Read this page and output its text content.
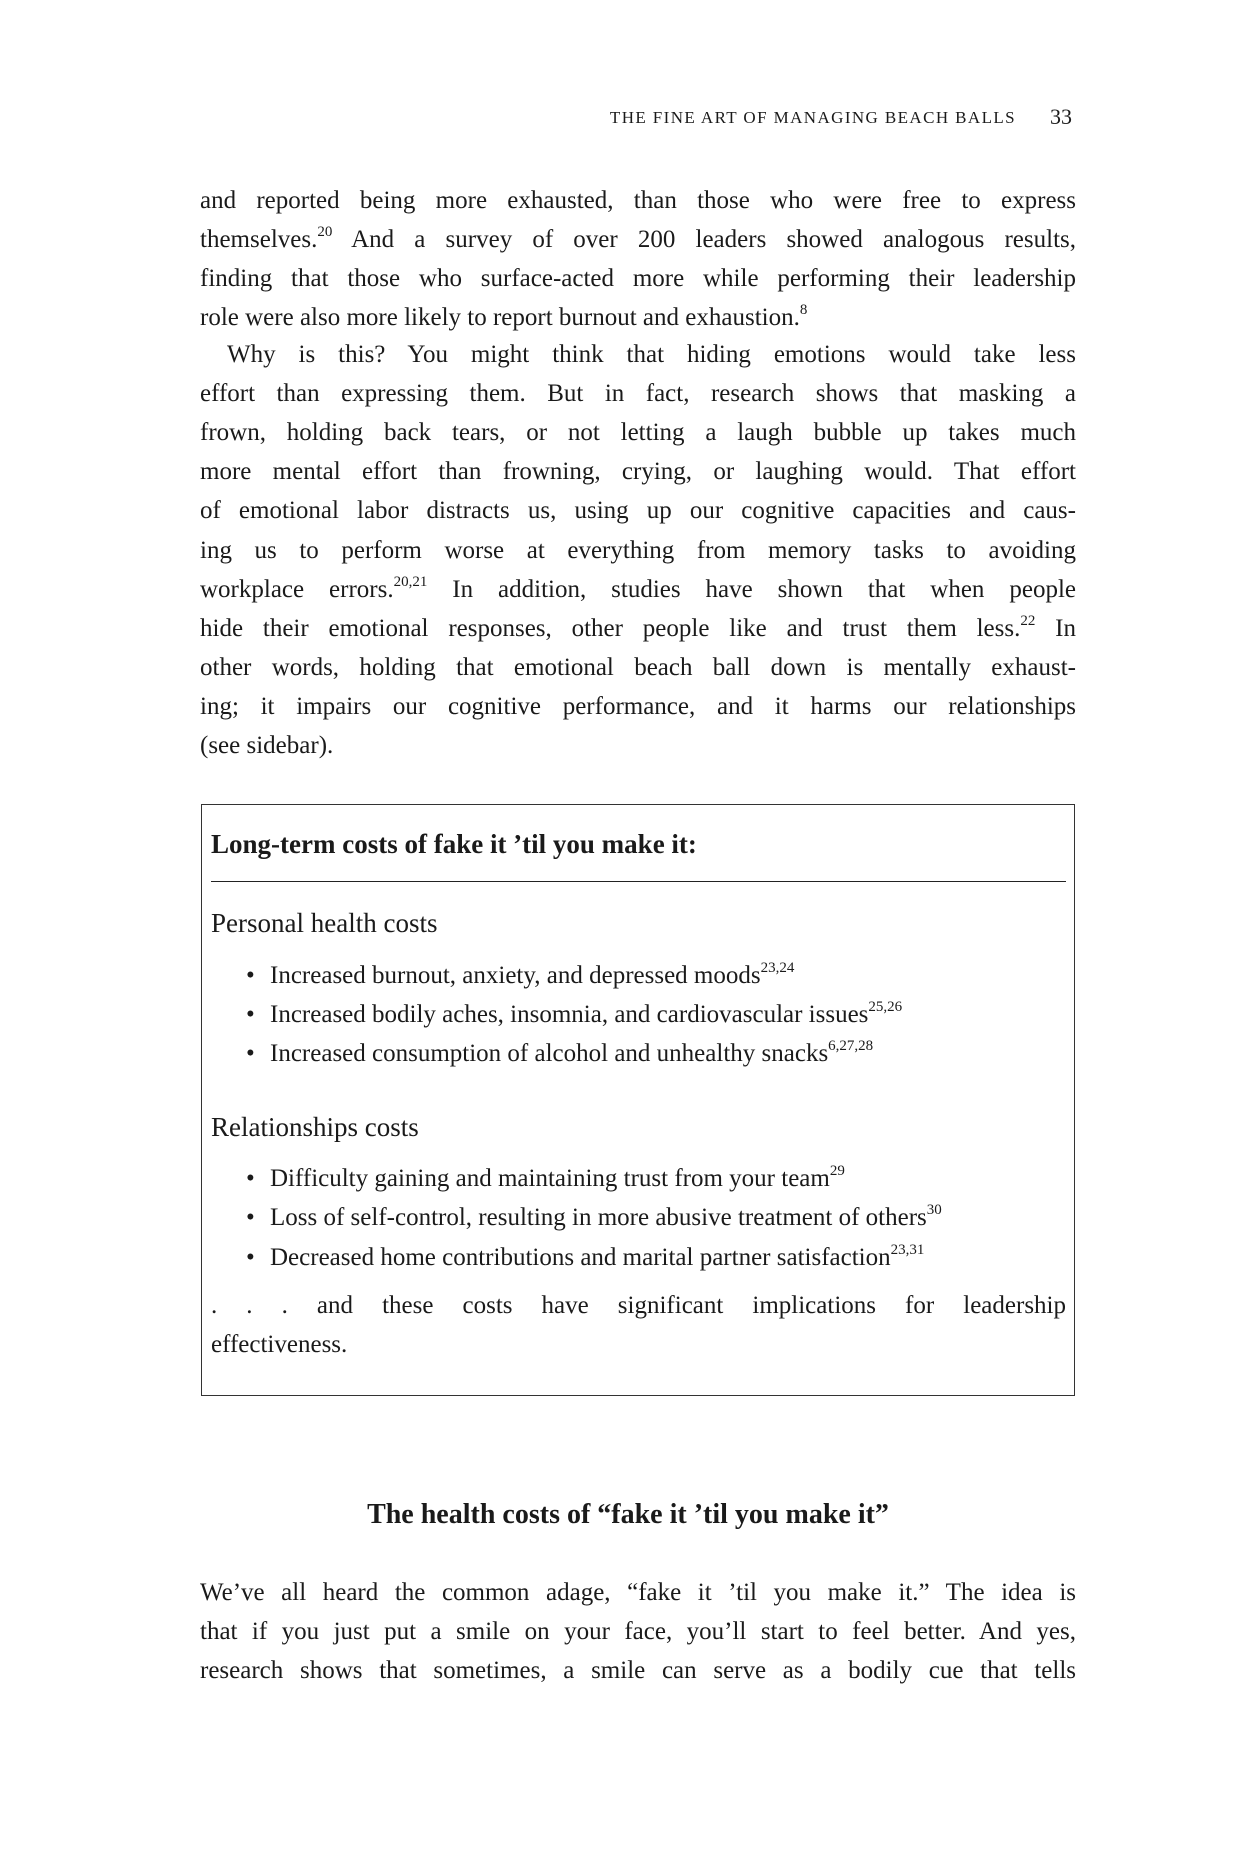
THE FINE ART OF MANAGING BEACH BALLS 33
and reported being more exhausted, than those who were free to express
themselves.$^{20}$ And a survey of over 200 leaders showed analogous results,
finding that those who surface-acted more while performing their leadership
role were also more likely to report burnout and exhaustion.$^8$
Why is this? You might think that hiding emotions would take less
effort than expressing them. But in fact, research shows that masking a
frown, holding back tears, or not letting a laugh bubble up takes much
more mental effort than frowning, crying, or laughing would. That effort
of emotional labor distracts us, using up our cognitive capacities and caus-
ing us to perform worse at everything from memory tasks to avoiding
workplace errors.$^{20,21}$ In addition, studies have shown that when people
hide their emotional responses, other people like and trust them less.$^{22}$ In
other words, holding that emotional beach ball down is mentally exhaust-
ing; it impairs our cognitive performance, and it harms our relationships
(see sidebar).
We’ve all heard the common adage, “fake it ’til you make it.” The idea is
that if you just put a smile on your face, you’ll start to feel better. And yes,
research shows that sometimes, a smile can serve as a bodily cue that tells
Long-term costs of fake it ’til you make it:
Personal health costs
• Increased burnout, anxiety, and depressed moods$^{23,24}$
• Increased bodily aches, insomnia, and cardiovascular issues$^{25,26}$
• Increased consumption of alcohol and unhealthy snacks$^{6,27,28}$
Relationships costs
• Difficulty gaining and maintaining trust from your team$^{29}$
• Loss of self-control, resulting in more abusive treatment of others$^{30}$
• Decreased home contributions and marital partner satisfaction$^{23,31}$
. . . and these costs have significant implications for leadership
effectiveness.
The health costs of “fake it ’til you make it”
